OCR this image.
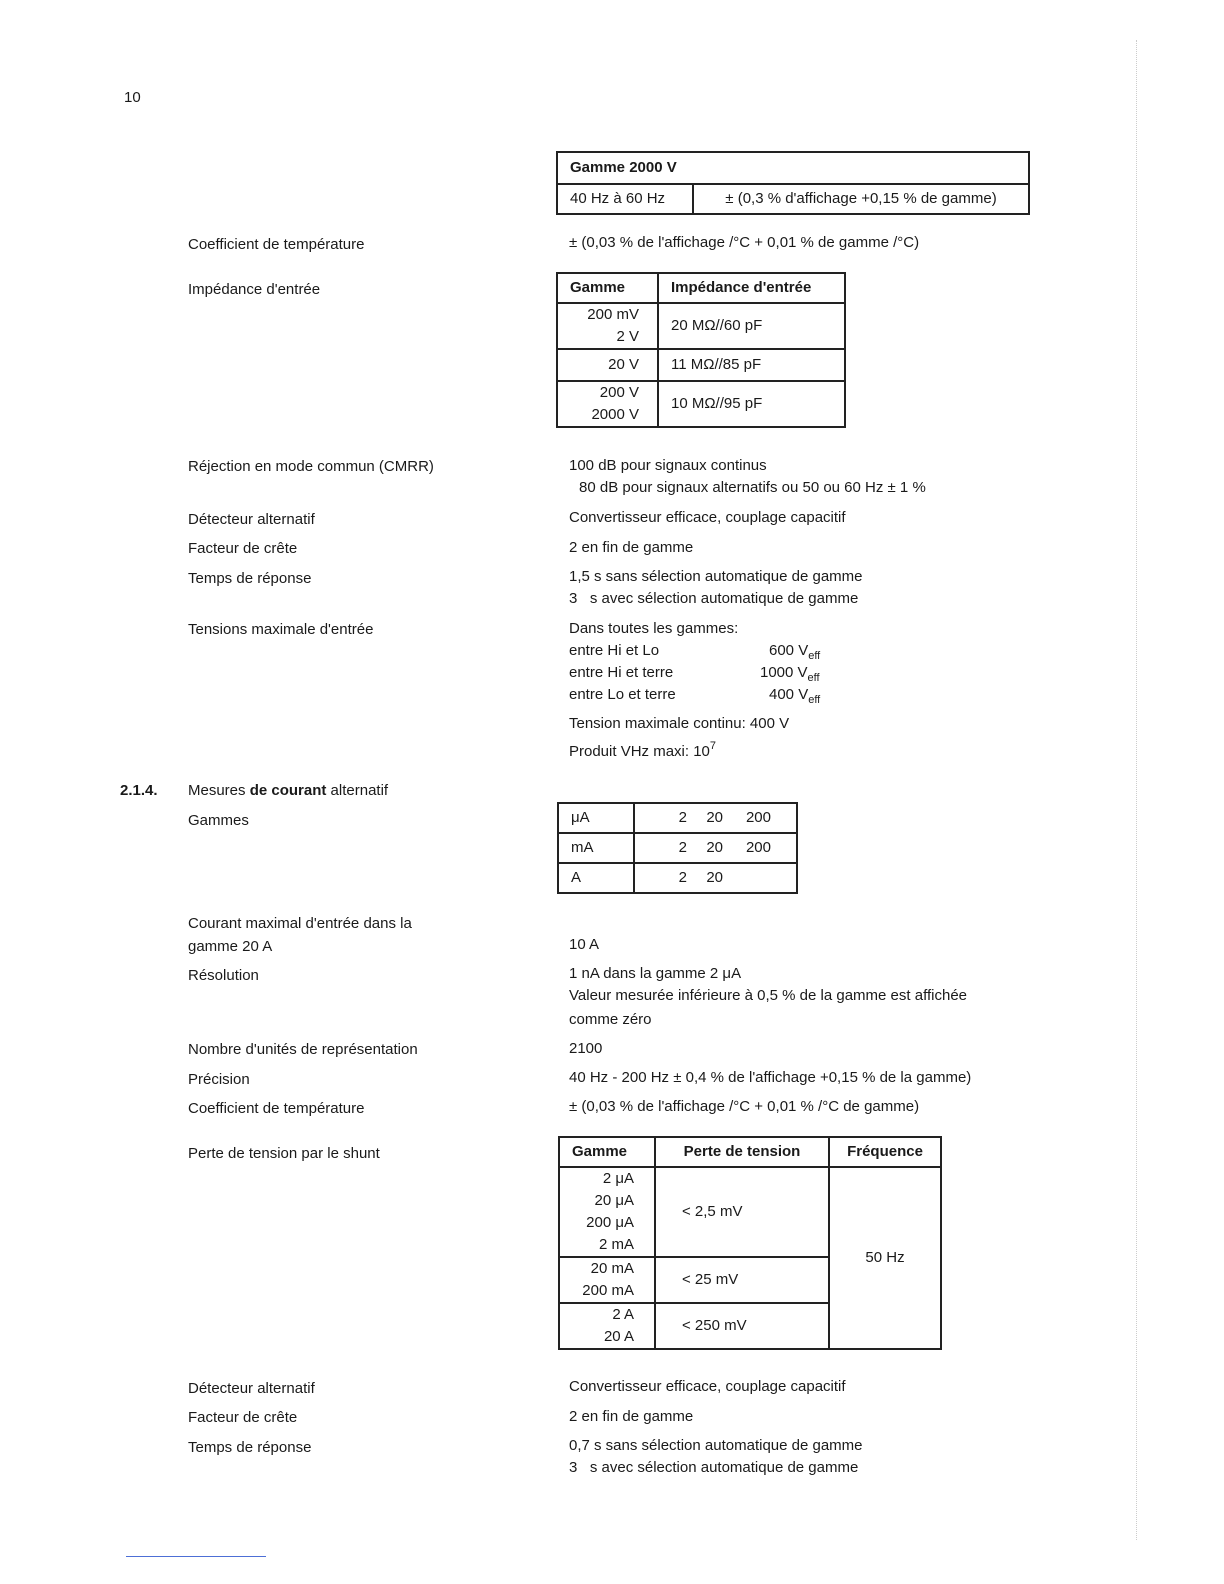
10
Gamme 2000 V
40 Hz à 60 Hz	± (0,3 % d'affichage +0,15 % de gamme)
Coefficient de température	± (0,03 % de l'affichage /°C + 0,01 % de gamme /°C)
Impédance d'entrée	Gamme	Impédance d'entrée

200 mV
2 V	20 MΩ//60 pF
20 V	11 MΩ//85 pF

200 V
2000 V	10 MΩ//95 pF
Réjection en mode commun (CMRR)	100 dB pour signaux continus
80 dB pour signaux alternatifs ou 50 ou 60 Hz ± 1 %
Détecteur alternatif	Convertisseur efficace, couplage capacitif
Facteur de crête	2 en fin de gamme
Temps de réponse	1,5 s sans sélection automatique de gamme
3   s avec sélection automatique de gamme
Tensions maximale d'entrée	Dans toutes les gammes:
entre Hi et Lo	600 $V_{eff}$
entre Hi et terre	1000 $V_{eff}$
entre Lo et terre	400 $V_{eff}$
Tension maximale continu: 400 V
Produit VHz maxi: $10^7$
2.1.4. Mesures de courant alternatif
Gammes	μA	2 20 200
mA	2 20 200
A	2 20
Courant maximal d'entrée dans la
gamme 20 A	10 A
Résolution	1 nA dans la gamme 2 μA
Valeur mesurée inférieure à 0,5 % de la gamme est affichée
comme zéro
Nombre d'unités de représentation	2100
Précision	40 Hz - 200 Hz ± 0,4 % de l'affichage +0,15 % de la gamme)
Coefficient de température	± (0,03 % de l'affichage /°C + 0,01 % /°C de gamme)
Perte de tension par le shunt	Gamme	Perte de tension	Fréquence

2 μA
20 μA
200 μA
2 mA	< 2,5 mV	50 Hz

20 mA
200 mA	< 25 mV	

2 A
20 A	< 250 mV	
Détecteur alternatif	Convertisseur efficace, couplage capacitif
Facteur de crête	2 en fin de gamme
Temps de réponse	0,7 s sans sélection automatique de gamme
3   s avec sélection automatique de gamme
